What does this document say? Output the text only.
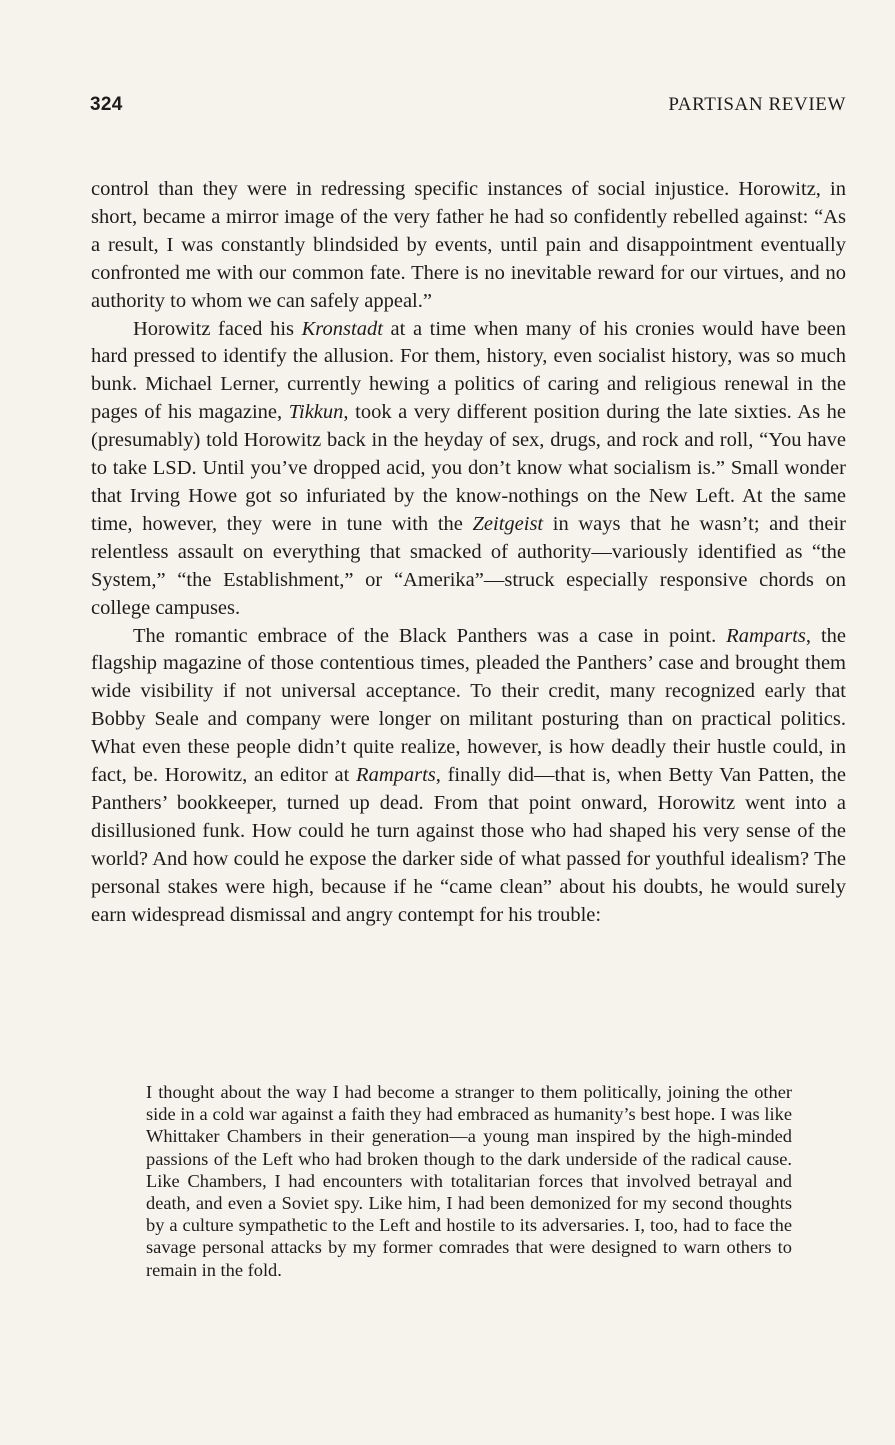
324	PARTISAN REVIEW

control than they were in redressing specific instances of social injustice. Horowitz, in short, became a mirror image of the very father he had so confidently rebelled against: “As a result, I was constantly blindsided by events, until pain and disappointment eventually confronted me with our common fate. There is no inevitable reward for our virtues, and no authority to whom we can safely appeal.”

Horowitz faced his Kronstadt at a time when many of his cronies would have been hard pressed to identify the allusion. For them, history, even socialist history, was so much bunk. Michael Lerner, currently hewing a politics of caring and religious renewal in the pages of his magazine, Tikkun, took a very different position during the late sixties. As he (presumably) told Horowitz back in the heyday of sex, drugs, and rock and roll, “You have to take LSD. Until you’ve dropped acid, you don’t know what socialism is.” Small wonder that Irving Howe got so infuriated by the know-nothings on the New Left. At the same time, however, they were in tune with the Zeitgeist in ways that he wasn’t; and their relentless assault on everything that smacked of authority—variously identified as “the System,” “the Establishment,” or “Amerika”—struck especially responsive chords on college campuses.

The romantic embrace of the Black Panthers was a case in point. Ramparts, the flagship magazine of those contentious times, pleaded the Panthers’ case and brought them wide visibility if not universal acceptance. To their credit, many recognized early that Bobby Seale and company were longer on militant posturing than on practical politics. What even these people didn’t quite realize, however, is how deadly their hustle could, in fact, be. Horowitz, an editor at Ramparts, finally did—that is, when Betty Van Patten, the Panthers’ bookkeeper, turned up dead. From that point onward, Horowitz went into a disillusioned funk. How could he turn against those who had shaped his very sense of the world? And how could he expose the darker side of what passed for youthful idealism? The personal stakes were high, because if he “came clean” about his doubts, he would surely earn widespread dismissal and angry contempt for his trouble:

I thought about the way I had become a stranger to them politically, joining the other side in a cold war against a faith they had embraced as humanity’s best hope. I was like Whittaker Chambers in their generation—a young man inspired by the high-minded passions of the Left who had broken though to the dark underside of the radical cause. Like Chambers, I had encounters with totalitarian forces that involved betrayal and death, and even a Soviet spy. Like him, I had been demonized for my second thoughts by a culture sympathetic to the Left and hostile to its adversaries. I, too, had to face the savage personal attacks by my former comrades that were designed to warn others to remain in the fold.
